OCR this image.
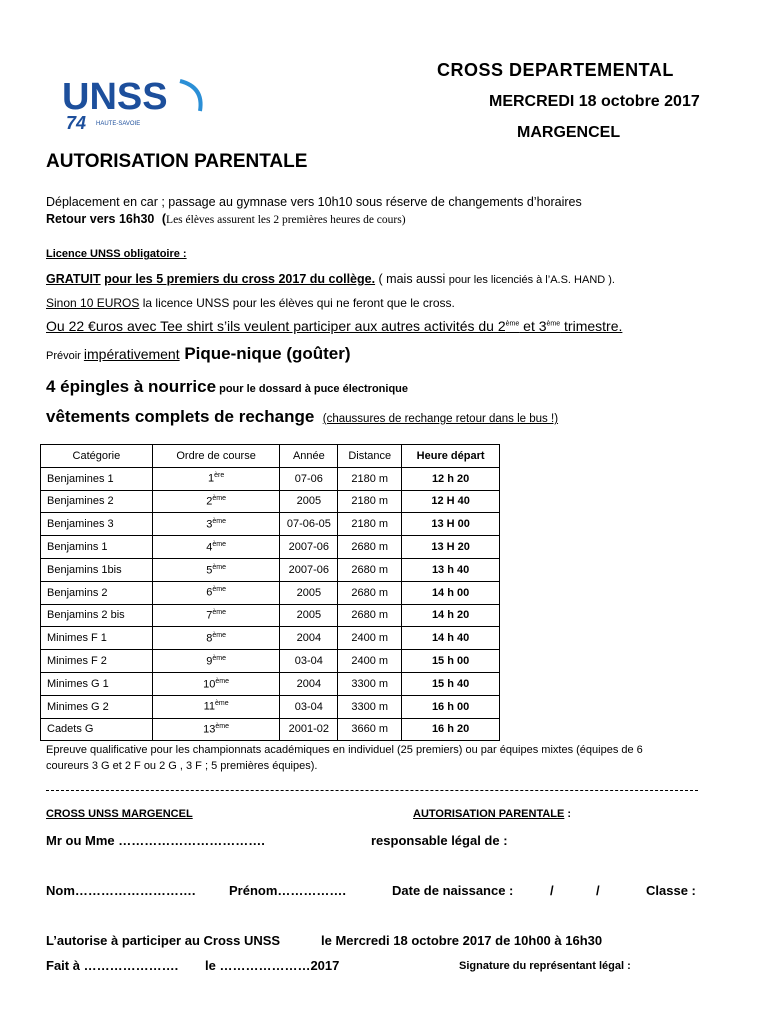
UNSS
74 HAUTE-SAVOIE
CROSS DEPARTEMENTAL
MERCREDI 18 octobre 2017
MARGENCEL
AUTORISATION PARENTALE
Déplacement en car ; passage au gymnase vers 10h10 sous réserve de changements d’horaires
Retour vers 16h30 (Les élèves assurent les 2 premières heures de cours)
Licence UNSS obligatoire :
GRATUIT pour les 5 premiers du cross 2017 du collège. ( mais aussi pour les licenciés à l’A.S. HAND ).
Sinon 10 EUROS la licence UNSS pour les élèves qui ne feront que le cross.
Ou 22 €uros avec Tee shirt s’ils veulent participer aux autres activités du 2ème et 3ème trimestre.
Prévoir impérativement Pique-nique (goûter)
4 épingles à nourrice pour le dossard à puce électronique
vêtements complets de rechange (chaussures de rechange retour dans le bus !)
Catégorie	Ordre de course	Année	Distance	Heure départ
Benjamines 1	1ère	07-06	2180 m	12 h 20
Benjamines 2	2ème	2005	2180 m	12 H 40
Benjamines 3	3ème	07-06-05	2180 m	13 H 00
Benjamins 1	4ème	2007-06	2680 m	13 H 20
Benjamins 1bis	5ème	2007-06	2680 m	13 h 40
Benjamins 2	6ème	2005	2680 m	14 h 00
Benjamins 2 bis	7ème	2005	2680 m	14 h 20
Minimes F 1	8ème	2004	2400 m	14 h 40
Minimes F 2	9ème	03-04	2400 m	15 h 00
Minimes G 1	10ème	2004	3300 m	15 h 40
Minimes G 2	11ème	03-04	3300 m	16 h 00
Cadets G	13ème	2001-02	3660 m	16 h 20
Epreuve qualificative pour les championnats académiques en individuel (25 premiers) ou par équipes mixtes (équipes de 6
coureurs 3 G et 2 F ou 2 G , 3 F ; 5 premières équipes).
CROSS UNSS MARGENCEL	AUTORISATION PARENTALE :
Mr ou Mme …………………………….	responsable légal de :
Nom……………………….	Prénom…………….	Date de naissance :	/	/	Classe :
L’autorise à participer au Cross UNSS	le Mercredi 18 octobre 2017 de 10h00 à 16h30
Fait à …………………. le …………………2017	Signature du représentant légal :
